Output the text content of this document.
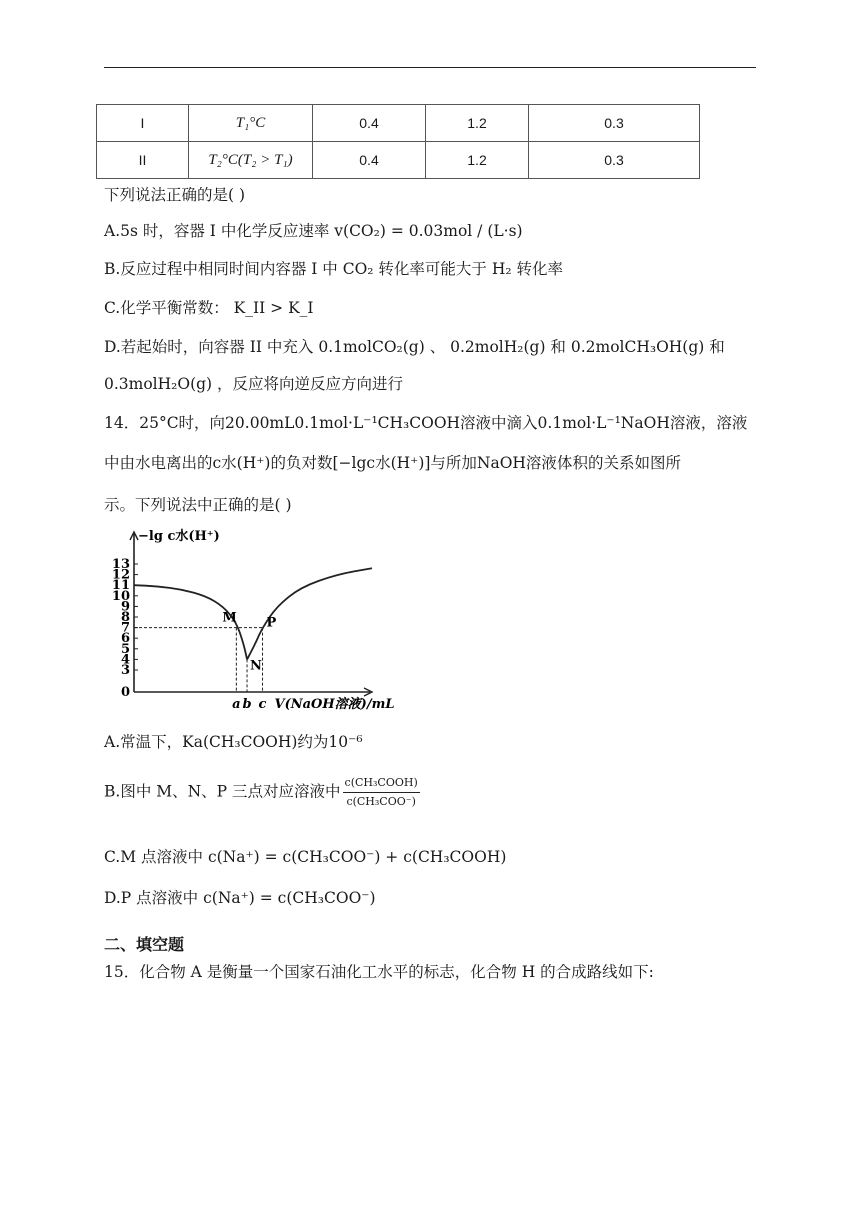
I	T₁°C	0.4	1.2	0.3
II	T₂°C(T₂ > T₁)	0.4	1.2	0.3
下列说法正确的是( )
A.5s 时，容器 I 中化学反应速率 v(CO₂) = 0.03mol / (L·s)
B.反应过程中相同时间内容器 I 中 CO₂ 转化率可能大于 H₂ 转化率
C.化学平衡常数： K_II > K_I
D.若起始时，向容器 II 中充入 0.1molCO₂(g) 、 0.2molH₂(g) 和 0.2molCH₃OH(g) 和
0.3molH₂O(g) ，反应将向逆反应方向进行
14．25°C时，向20.00mL0.1mol·L⁻¹CH₃COOH溶液中滴入0.1mol·L⁻¹NaOH溶液，溶液
中由水电离出的c水(H⁺)的负对数[−lgc水(H⁺)]与所加NaOH溶液体积的关系如图所
示。下列说法中正确的是( )
0
3
4
5
6
7
8
9
10
11
12
13
−lg c水(H⁺)
a b c V(NaOH溶液)/mL
M
N
P
A.常温下，Ka(CH₃COOH)约为10⁻⁶
B.图中 M、N、P 三点对应溶液中 $\frac{\text{c(CH₃COOH)}}{\text{c(CH₃COO⁻)}}$
C.M 点溶液中 c(Na⁺) = c(CH₃COO⁻) + c(CH₃COOH)
D.P 点溶液中 c(Na⁺) = c(CH₃COO⁻)
二、填空题
15．化合物 A 是衡量一个国家石油化工水平的标志，化合物 H 的合成路线如下:
